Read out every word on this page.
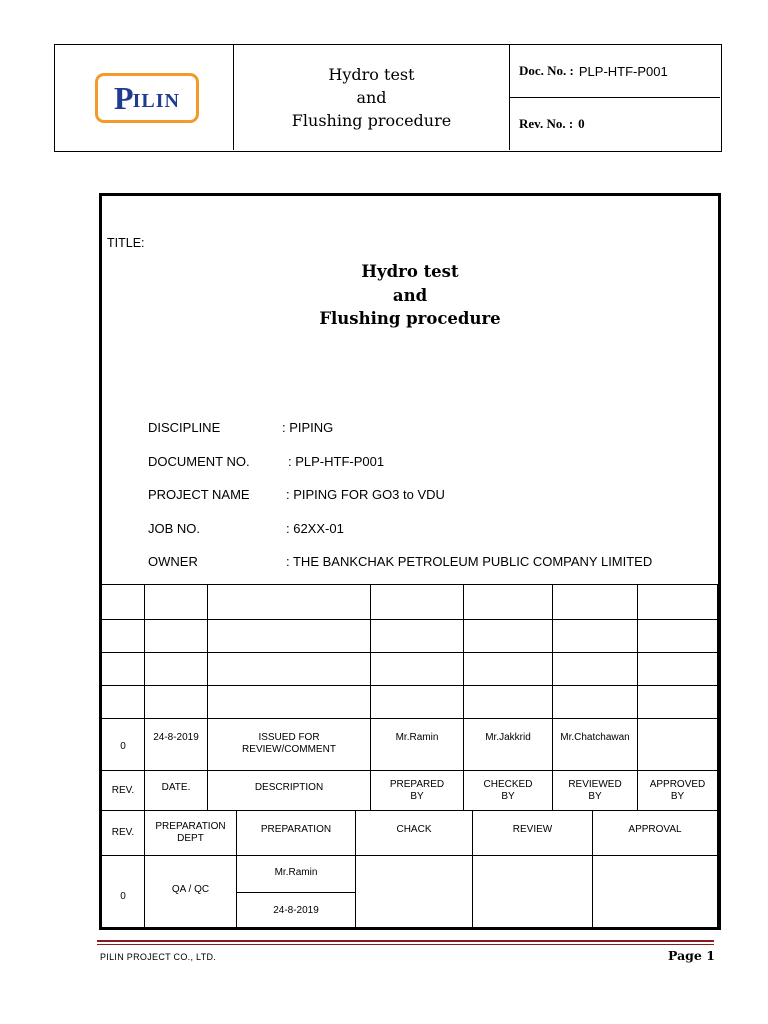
P ILIN
Hydro test
and
Flushing procedure
Doc. No. : PLP-HTF-P001
Rev. No. : 0
TITLE:
Hydro test
and
Flushing procedure
DISCIPLINE	: PIPING
DOCUMENT NO.	: PLP-HTF-P001
PROJECT NAME	: PIPING FOR GO3 to VDU
JOB NO.	: 62XX-01
OWNER	: THE BANKCHAK PETROLEUM PUBLIC COMPANY LIMITED

0	24-8-2019	ISSUED FOR REVIEW/COMMENT	Mr.Ramin	Mr.Jakkrid	Mr.Chatchawan	
REV.	DATE.	DESCRIPTION	PREPARED BY	CHECKED BY	REVIEWED BY	APPROVED BY
REV.	PREPARATION DEPT	PREPARATION	CHACK	REVIEW	APPROVAL
0	QA / QC	Mr.Ramin			
		24-8-2019			
PILIN PROJECT CO., LTD.	Page 1
